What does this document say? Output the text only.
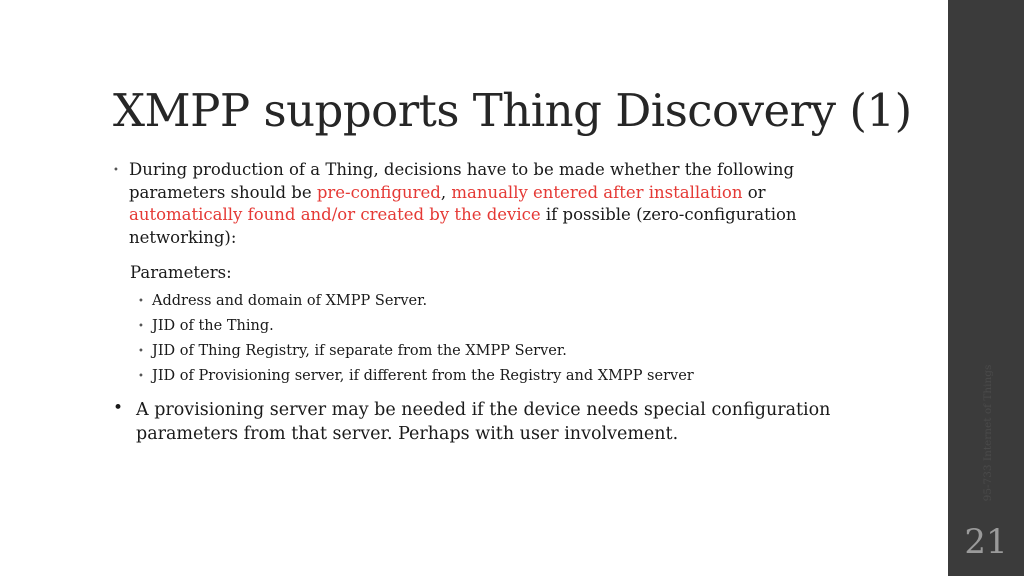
XMPP supports Thing Discovery (1)
• During production of a Thing, decisions have to be made whether the following parameters should be pre-configured, manually entered after installation or automatically found and/or created by the device if possible (zero-configuration networking):
Parameters:
• Address and domain of XMPP Server.
• JID of the Thing.
• JID of Thing Registry, if separate from the XMPP Server.
• JID of Provisioning server, if different from the Registry and XMPP server
• A provisioning server may be needed if the device needs special configuration parameters from that server. Perhaps with user involvement.	95-733 Internet of Things
21
